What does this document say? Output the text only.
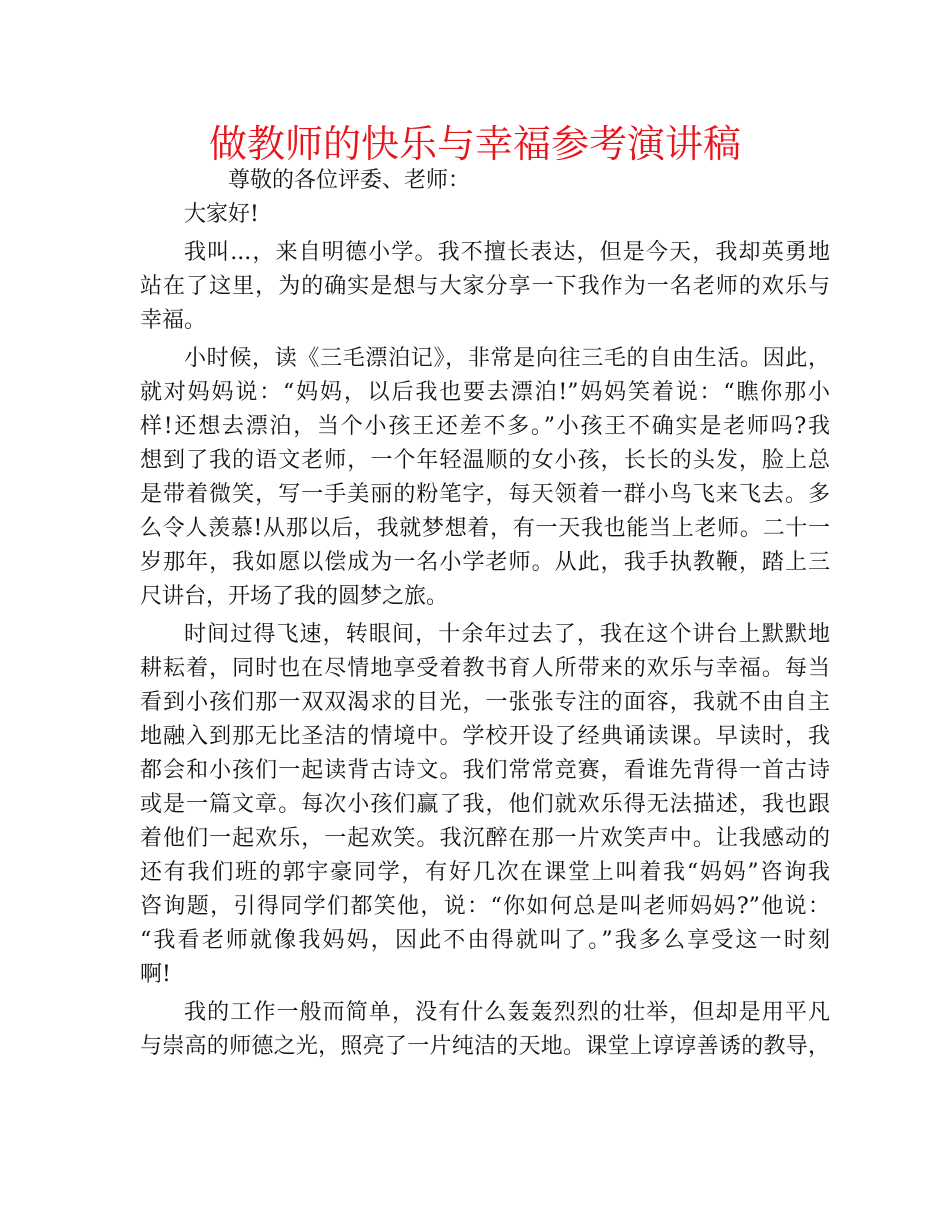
做教师的快乐与幸福参考演讲稿
尊敬的各位评委、老师：
大家好!
我叫...，来自明德小学。我不擅长表达，但是今天，我却英勇地
站在了这里，为的确实是想与大家分享一下我作为一名老师的欢乐与
幸福。
小时候，读《三毛漂泊记》，非常是向往三毛的自由生活。因此，
就对妈妈说：“妈妈，以后我也要去漂泊!”妈妈笑着说：“瞧你那小
样!还想去漂泊，当个小孩王还差不多。”小孩王不确实是老师吗?我
想到了我的语文老师，一个年轻温顺的女小孩，长长的头发，脸上总
是带着微笑，写一手美丽的粉笔字，每天领着一群小鸟飞来飞去。多
么令人羡慕!从那以后，我就梦想着，有一天我也能当上老师。二十一
岁那年，我如愿以偿成为一名小学老师。从此，我手执教鞭，踏上三
尺讲台，开场了我的圆梦之旅。
时间过得飞速，转眼间，十余年过去了，我在这个讲台上默默地
耕耘着，同时也在尽情地享受着教书育人所带来的欢乐与幸福。每当
看到小孩们那一双双渴求的目光，一张张专注的面容，我就不由自主
地融入到那无比圣洁的情境中。学校开设了经典诵读课。早读时，我
都会和小孩们一起读背古诗文。我们常常竞赛，看谁先背得一首古诗
或是一篇文章。每次小孩们赢了我，他们就欢乐得无法描述，我也跟
着他们一起欢乐，一起欢笑。我沉醉在那一片欢笑声中。让我感动的
还有我们班的郭宇豪同学，有好几次在课堂上叫着我“妈妈”咨询我
咨询题，引得同学们都笑他，说：“你如何总是叫老师妈妈?”他说：
“我看老师就像我妈妈，因此不由得就叫了。”我多么享受这一时刻
啊!
我的工作一般而简单，没有什么轰轰烈烈的壮举，但却是用平凡
与崇高的师德之光，照亮了一片纯洁的天地。课堂上谆谆善诱的教导，
